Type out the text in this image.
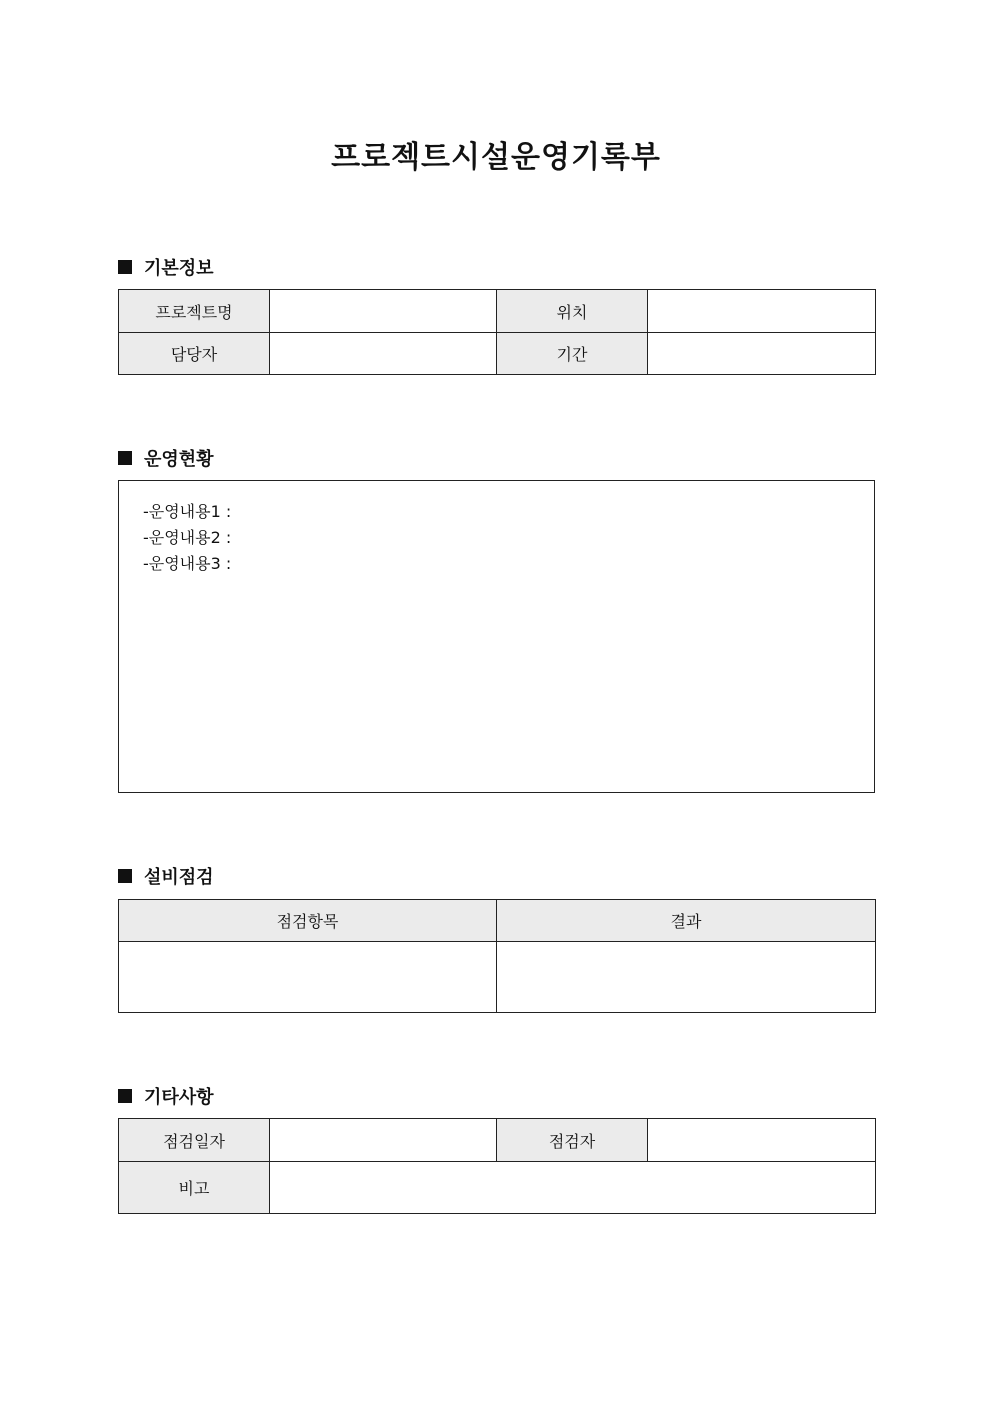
프로젝트시설운영기록부
기본정보
프로젝트명		위치	
담당자		기간	
운영현황
-운영내용1 :
-운영내용2 :
-운영내용3 :
설비점검
점검항목	결과

기타사항
점검일자		점검자	
비고			
